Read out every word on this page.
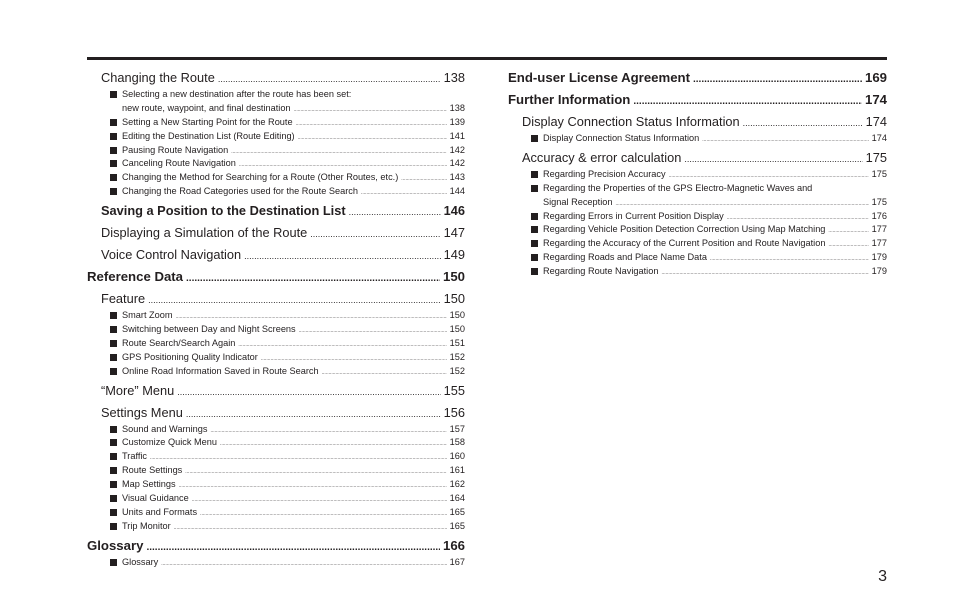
Changing the Route .....	138
Selecting a new destination after the route has been set:
new route, waypoint, and final destination .....	138
Setting a New Starting Point for the Route .....	139
Editing the Destination List (Route Editing) .....	141
Pausing Route Navigation .....	142
Canceling Route Navigation .....	142
Changing the Method for Searching for a Route (Other Routes, etc.) .....	143
Changing the Road Categories used for the Route Search .....	144
Saving a Position to the Destination List .....	146
Displaying a Simulation of the Route .....	147
Voice Control Navigation .....	149
Reference Data .....	150
Feature .....	150
Smart Zoom .....	150
Switching between Day and Night Screens .....	150
Route Search/Search Again .....	151
GPS Positioning Quality Indicator .....	152
Online Road Information Saved in Route Search .....	152
“More” Menu .....	155
Settings Menu .....	156
Sound and Warnings .....	157
Customize Quick Menu .....	158
Traffic .....	160
Route Settings .....	161
Map Settings .....	162
Visual Guidance .....	164
Units and Formats .....	165
Trip Monitor .....	165
Glossary .....	166
Glossary .....	167
End-user License Agreement .....	169
Further Information .....	174
Display Connection Status Information .....	174
Display Connection Status Information .....	174
Accuracy & error calculation .....	175
Regarding Precision Accuracy .....	175
Regarding the Properties of the GPS Electro-Magnetic Waves and
Signal Reception .....	175
Regarding Errors in Current Position Display .....	176
Regarding Vehicle Position Detection Correction Using Map Matching .....	177
Regarding the Accuracy of the Current Position and Route Navigation .....	177
Regarding Roads and Place Name Data .....	179
Regarding Route Navigation .....	179
3
